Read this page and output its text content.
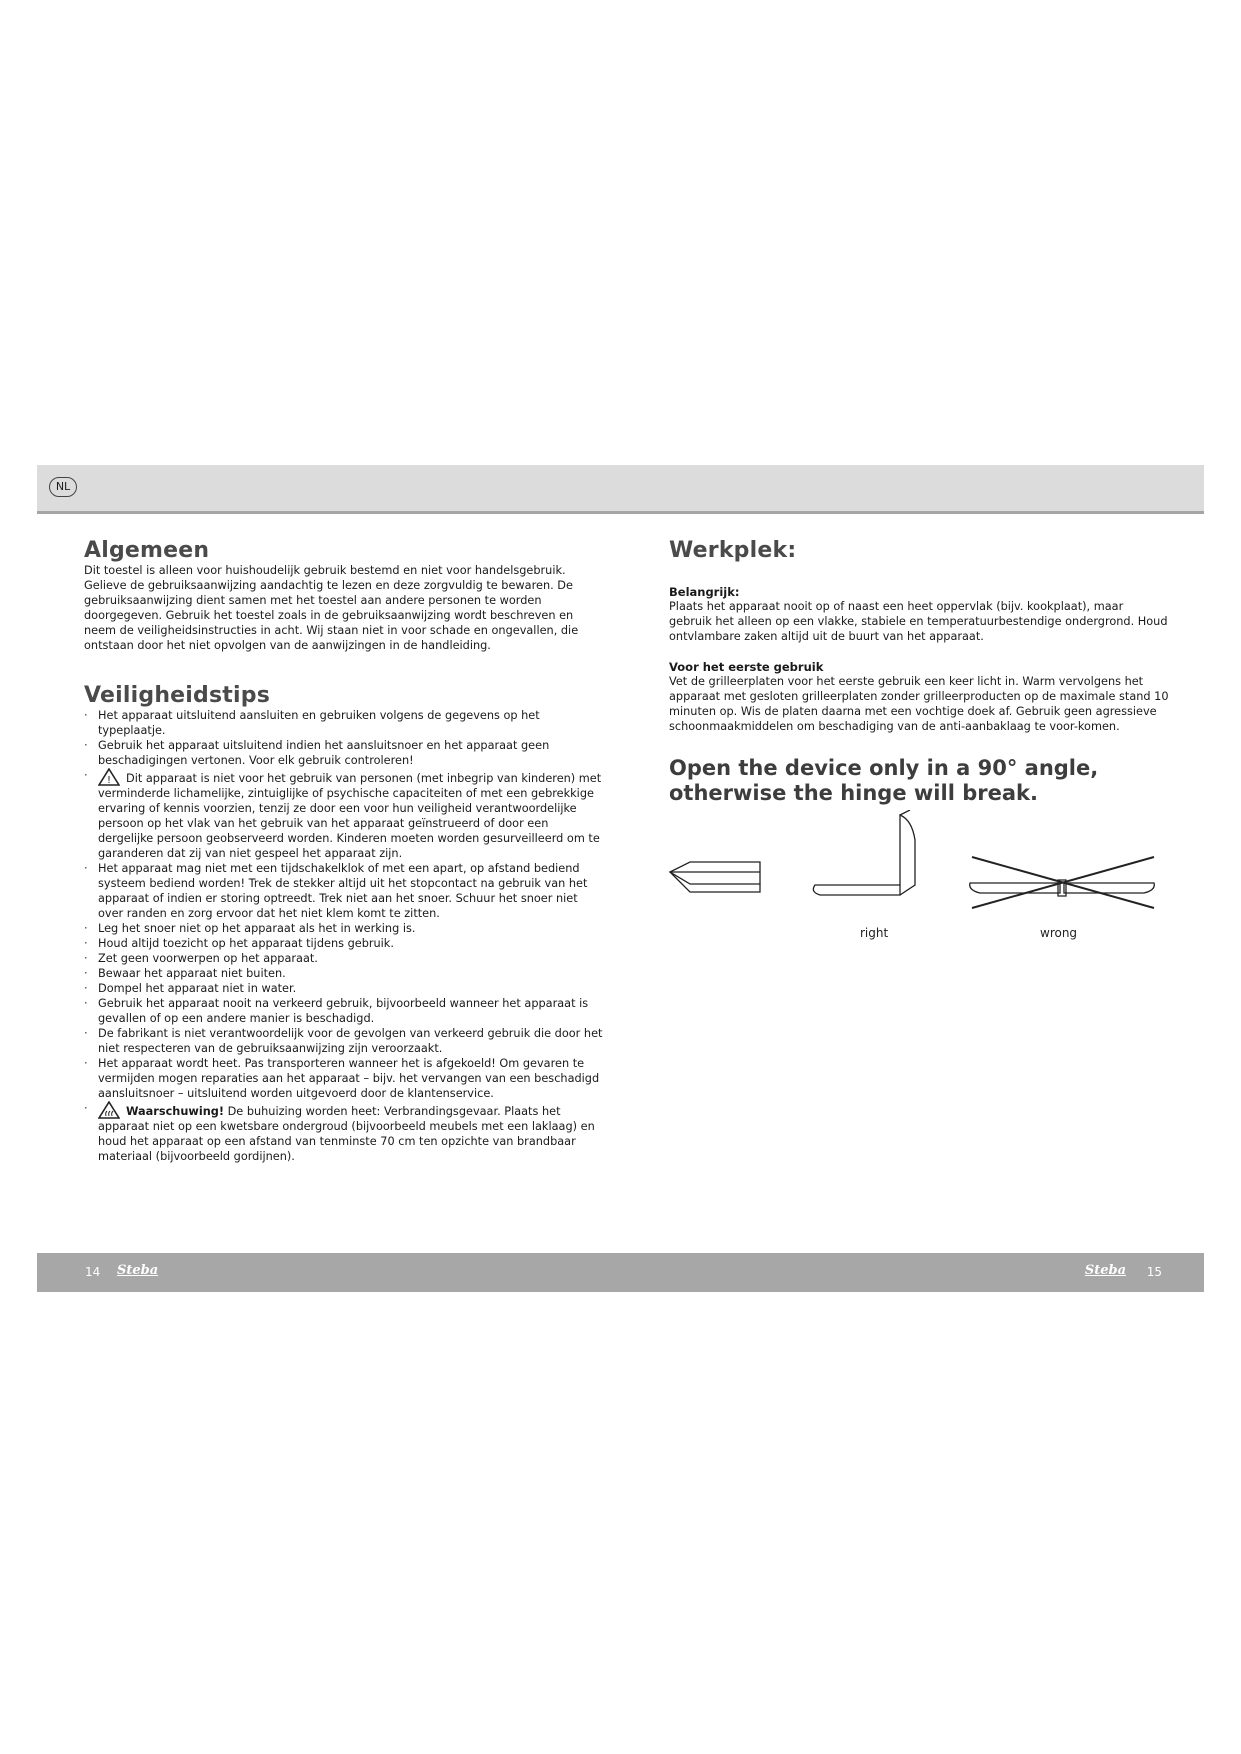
NL
Algemeen

Dit toestel is alleen voor huishoudelijk gebruik bestemd en niet voor handelsgebruik. Gelieve de gebruiksaanwijzing aandachtig te lezen en deze zorgvuldig te bewaren. De gebruiksaanwijzing dient samen met het toestel aan andere personen te worden doorgegeven. Gebruik het toestel zoals in de gebruiksaanwijzing wordt beschreven en neem de veiligheidsinstructies in acht. Wij staan niet in voor schade en ongevallen, die ontstaan door het niet opvolgen van de aanwijzingen in de handleiding.

Veiligheidstips
· Het apparaat uitsluitend aansluiten en gebruiken volgens de gegevens op het typeplaatje.
· Gebruik het apparaat uitsluitend indien het aansluitsnoer en het apparaat geen beschadigingen vertonen. Voor elk gebruik controleren!
· ! Dit apparaat is niet voor het gebruik van personen (met inbegrip van kinderen) met verminderde lichamelijke, zintuiglijke of psychische capaciteiten of met een gebrekkige ervaring of kennis voorzien, tenzij ze door een voor hun veiligheid verantwoordelijke persoon op het vlak van het gebruik van het apparaat geïnstrueerd of door een dergelijke persoon geobserveerd worden. Kinderen moeten worden gesurveilleerd om te garanderen dat zij van niet gespeel het apparaat zijn.
· Het apparaat mag niet met een tijdschakelklok of met een apart, op afstand bediend systeem bediend worden! Trek de stekker altijd uit het stopcontact na gebruik van het apparaat of indien er storing optreedt. Trek niet aan het snoer. Schuur het snoer niet over randen en zorg ervoor dat het niet klem komt te zitten.
· Leg het snoer niet op het apparaat als het in werking is.
· Houd altijd toezicht op het apparaat tijdens gebruik.
· Zet geen voorwerpen op het apparaat.
· Bewaar het apparaat niet buiten.
· Dompel het apparaat niet in water.
· Gebruik het apparaat nooit na verkeerd gebruik, bijvoorbeeld wanneer het apparaat is gevallen of op een andere manier is beschadigd.
· De fabrikant is niet verantwoordelijk voor de gevolgen van verkeerd gebruik die door het niet respecteren van de gebruiksaanwijzing zijn veroorzaakt.
· Het apparaat wordt heet. Pas transporteren wanneer het is afgekoeld! Om gevaren te vermijden mogen reparaties aan het apparaat – bijv. het vervangen van een beschadigd aansluitsnoer – uitsluitend worden uitgevoerd door de klantenservice.
· Waarschuwing! De buhuizing worden heet: Verbrandingsgevaar. Plaats het apparaat niet op een kwetsbare ondergroud (bijvoorbeeld meubels met een laklaag) en houd het apparaat op een afstand van tenminste 70 cm ten opzichte van brandbaar materiaal (bijvoorbeeld gordijnen).
Werkplek:
Belangrijk:

Plaats het apparaat nooit op of naast een heet oppervlak (bijv. kookplaat), maar gebruik het alleen op een vlakke, stabiele en temperatuurbestendige ondergrond. Houd ontvlambare zaken altijd uit de buurt van het apparaat.

Voor het eerste gebruik

Vet de grilleerplaten voor het eerste gebruik een keer licht in. Warm vervolgens het apparaat met gesloten grilleerplaten zonder grilleerproducten op de maximale stand 10 minuten op. Wis de platen daarna met een vochtige doek af. Gebruik geen agressieve schoonmaakmiddelen om beschadiging van de anti-aanbaklaag te voor-komen.

Open the device only in a 90° angle, otherwise the hinge will break.

right	wrong
14 Steba	Steba 15
